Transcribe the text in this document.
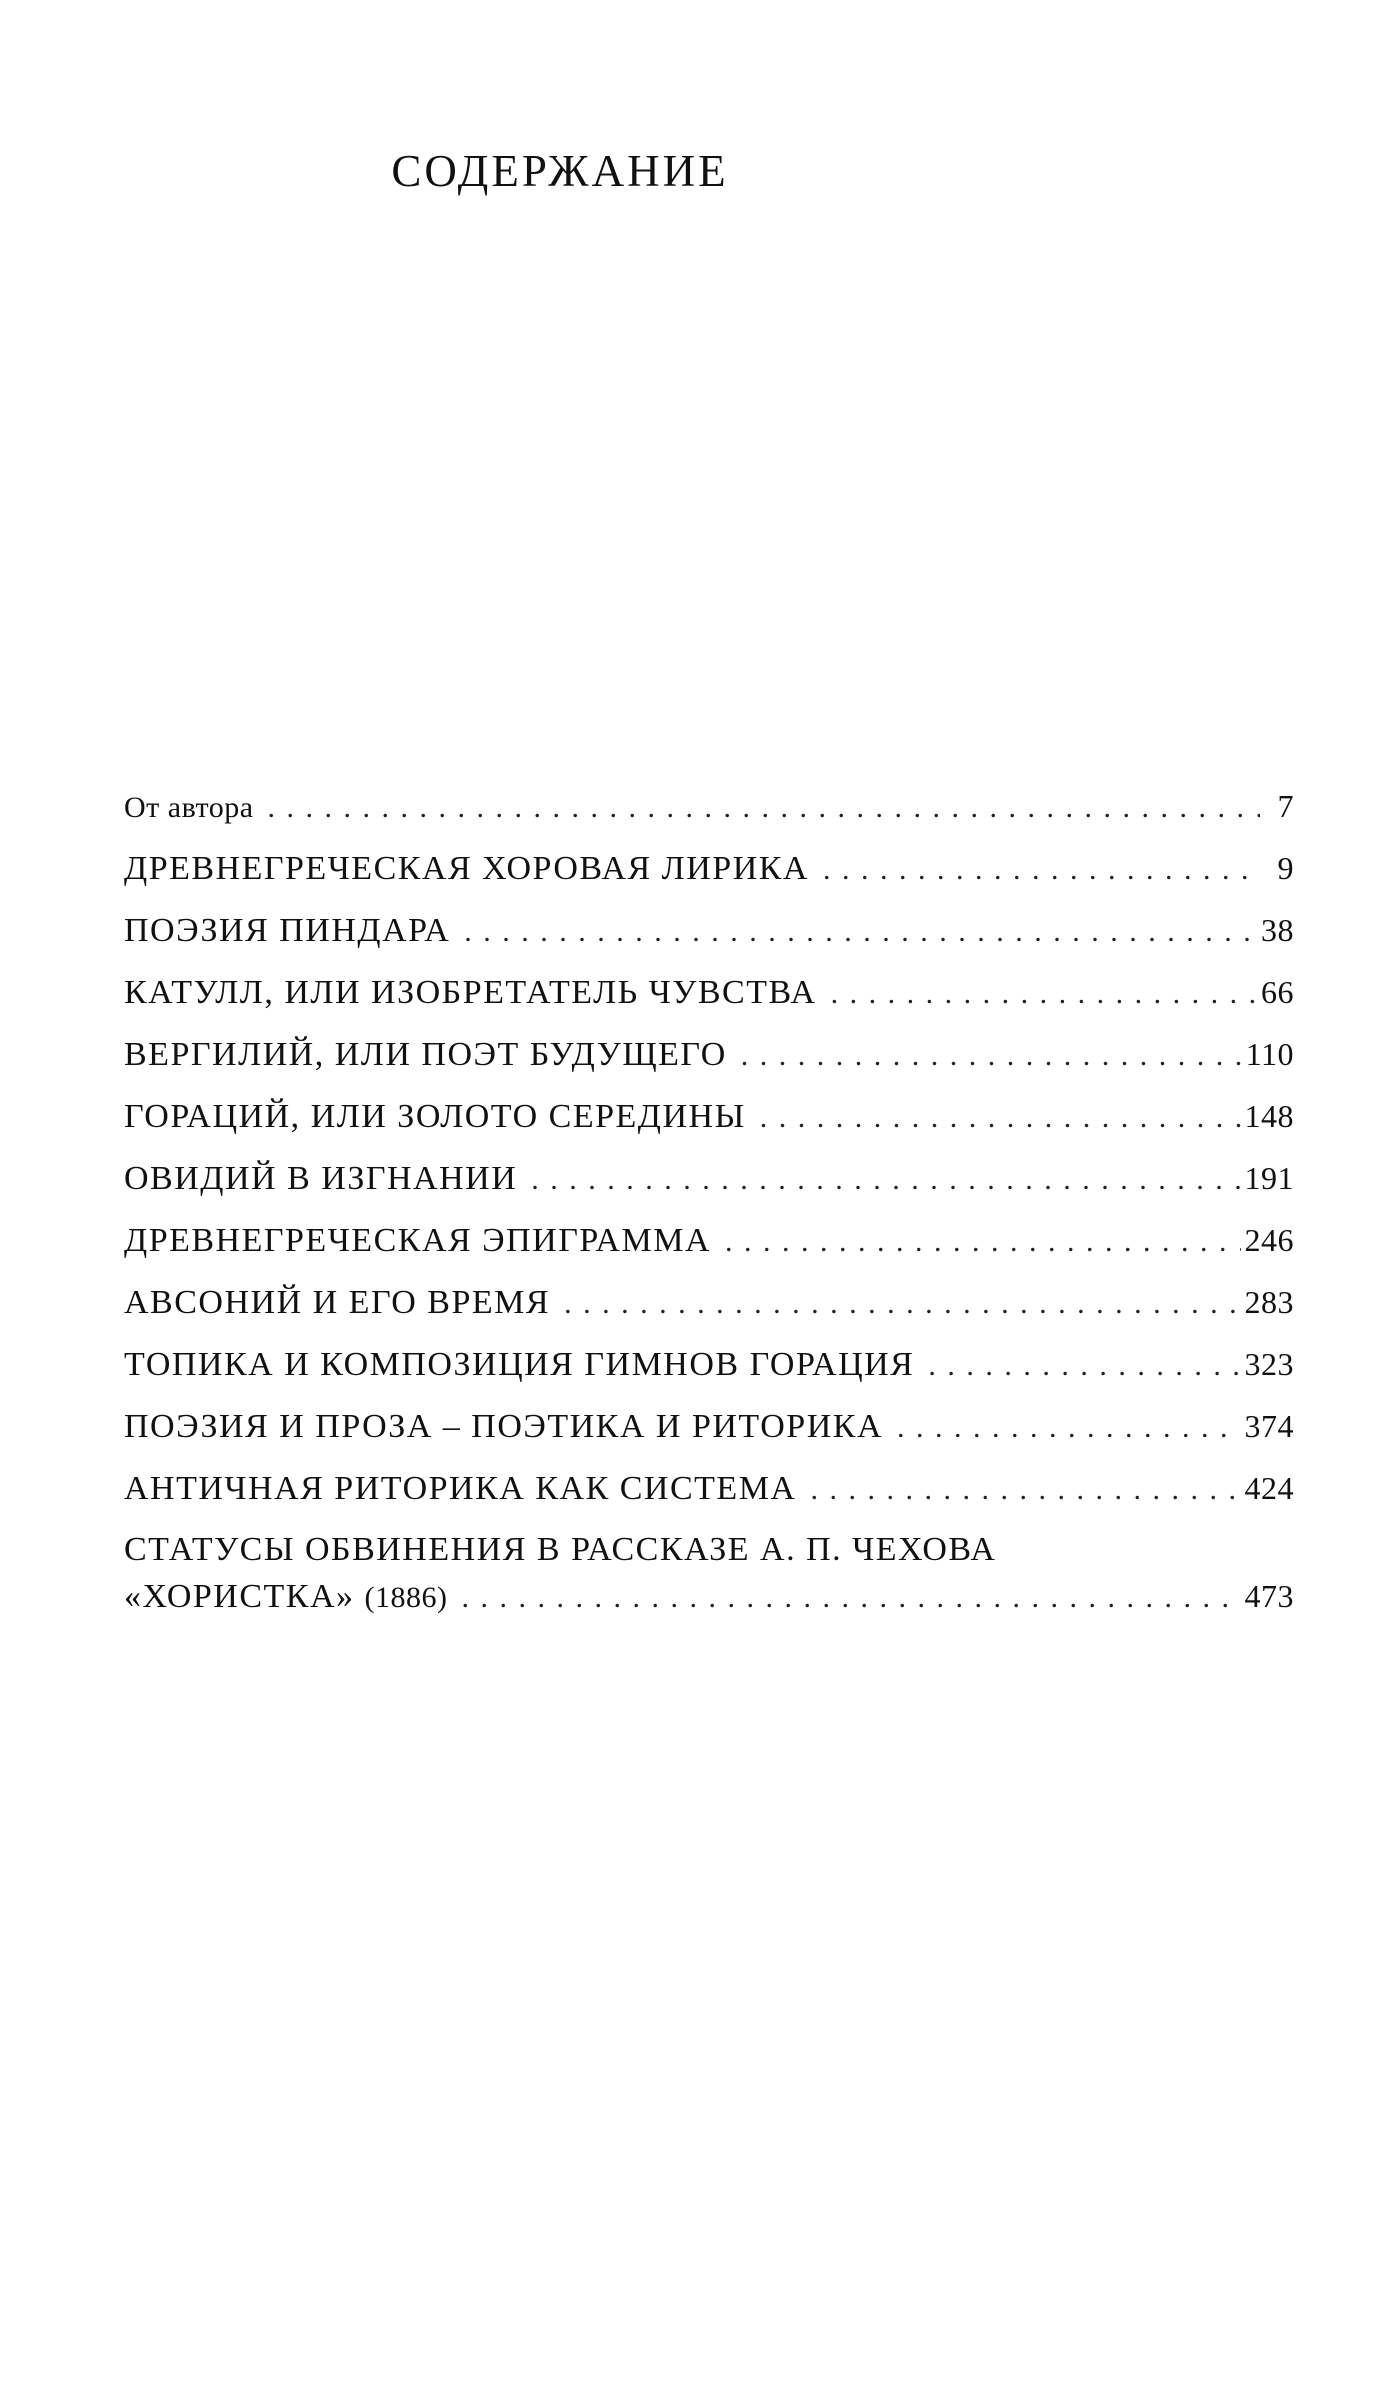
СОДЕРЖАНИЕ
От автора . . .	7
ДРЕВНЕГРЕЧЕСКАЯ ХОРОВАЯ ЛИРИКА . . .	9
ПОЭЗИЯ ПИНДАРА . . .	38
КАТУЛЛ, ИЛИ ИЗОБРЕТАТЕЛЬ ЧУВСТВА . . .	66
ВЕРГИЛИЙ, ИЛИ ПОЭТ БУДУЩЕГО . . .	110
ГОРАЦИЙ, ИЛИ ЗОЛОТО СЕРЕДИНЫ . . .	148
ОВИДИЙ В ИЗГНАНИИ . . .	191
ДРЕВНЕГРЕЧЕСКАЯ ЭПИГРАММА . . .	246
АВСОНИЙ И ЕГО ВРЕМЯ . . .	283
ТОПИКА И КОМПОЗИЦИЯ ГИМНОВ ГОРАЦИЯ . . .	323
ПОЭЗИЯ И ПРОЗА – ПОЭТИКА И РИТОРИКА . . .	374
АНТИЧНАЯ РИТОРИКА КАК СИСТЕМА . . .	424
СТАТУСЫ ОБВИНЕНИЯ В РАССКАЗЕ А. П. ЧЕХОВА
«ХОРИСТКА» (1886) . . .	473
